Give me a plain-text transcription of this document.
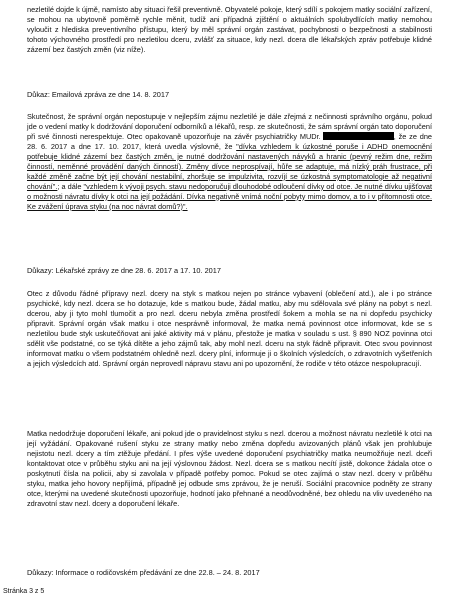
nezletilé dojde k újmě, namísto aby situaci řešil preventivně. Obyvatelé pokoje, který sdílí s pokojem matky sociální zařízení, se mohou na ubytovně poměrně rychle měnit, tudíž ani případná zjištění o aktuálních spolubydlících matky nemohou vyloučit z hlediska preventivního přístupu, který by měl správní orgán zastávat, pochybnosti o bezpečnosti a stabilnosti tohoto výchovného prostředí pro nezletilou dceru, zvlášť za situace, kdy nezl. dcera dle lékařských zpráv potřebuje klidné zázemí bez častých změn (viz níže).
Důkaz: Emailová zpráva ze dne 14. 8. 2017
Skutečnost, že správní orgán nepostupuje v nejlepším zájmu nezletilé je dále zřejmá z nečinnosti správního orgánu, pokud jde o vedení matky k dodržování doporučení odborníků a lékařů, resp. ze skutečnosti, že sám správní orgán tato doporučení při své činnosti nerespektuje. Otec opakovaně upozorňuje na závěr psychiatričky MUDr.	, že ze dne 28. 6. 2017 a dne 17. 10. 2017, která uvedla výslovně, že "dívka vzhledem k úzkostné poruše i ADHD onemocnění potřebuje klidné zázemí bez častých změn, je nutné dodržování nastavených návyků a hranic (pevný režim dne, režim činností, neměnné provádění daných činností). Změny dívce neprospívají, hůře se adaptuje, má nízký práh frustrace, při každé změně začne být její chování nestabilní, zhoršuje se impulzivita, rozvíjí se úzkostná symptomatologie až negativní chování".; a dále "vzhledem k vývoji psych. stavu nedoporučuji dlouhodobé odloučení dívky od otce. Je nutné dívku ujišťovat o možnosti návratu dívky k otci na její požádání. Dívka negativně vnímá noční pobyty mimo domov, a to i v přítomnosti otce. Ke zvážení úprava styku (na noc návrat domů?)".
Důkazy: Lékařské zprávy ze dne 28. 6. 2017 a 17. 10. 2017
Otec z důvodu řádné přípravy nezl. dcery na styk s matkou nejen po stránce vybavení (oblečení atd.), ale i po stránce psychické, kdy nezl. dcera se ho dotazuje, kde s matkou bude, žádal matku, aby mu sdělovala své plány na pobyt s nezl. dcerou, aby ji tyto mohl tlumočit a pro nezl. dceru nebyla změna prostředí šokem a mohla se na ni dopředu psychicky připravit. Správní orgán však matku i otce nesprávně informoval, že matka nemá povinnost otce informovat, kde se s nezletilou bude styk uskutečňovat ani jaké aktivity má v plánu, přestože je matka v souladu s ust. § 890 NOZ povinna otci sdělit vše podstatné, co se týká dítěte a jeho zájmů tak, aby mohl nezl. dceru na styk řádně připravit. Otec svou povinnost informovat matku o všem podstatném ohledně nezl. dcery plní, informuje ji o školních výsledcích, o zdravotních vyšetřeních a jejich výsledcích atd. Správní orgán neprovedl nápravu stavu ani po upozornění, že rodiče v této otázce nespolupracují.
Matka nedodržuje doporučení lékaře, ani pokud jde o pravidelnost styku s nezl. dcerou a možnost návratu nezletilé k otci na její vyžádání. Opakované rušení styku ze strany matky nebo změna dopředu avizovaných plánů však jen prohlubuje nejistotu nezl. dcery a tím ztěžuje předání. I přes výše uvedené doporučení psychiatričky matka neumožňuje nezl. dceři kontaktovat otce v průběhu styku ani na její výslovnou žádost. Nezl. dcera se s matkou necítí jistě, dokonce žádala otce o poskytnutí čísla na policii, aby si zavolala v případě potřeby pomoc. Pokud se otec zajímá o stav nezl. dcery v průběhu styku, matka jeho hovory nepřijímá, případně jej odbude sms zprávou, že je neruší. Sociální pracovnice podněty ze strany otce, kterými na uvedené skutečnosti upozorňuje, hodnotí jako přehnané a neodůvodněné, bez ohledu na vliv uvedeného na zdravotní stav nezl. dcery a doporučení lékaře.
Důkazy: Informace o rodičovském předávání ze dne 22.8. – 24. 8. 2017
Stránka 3 z 5
